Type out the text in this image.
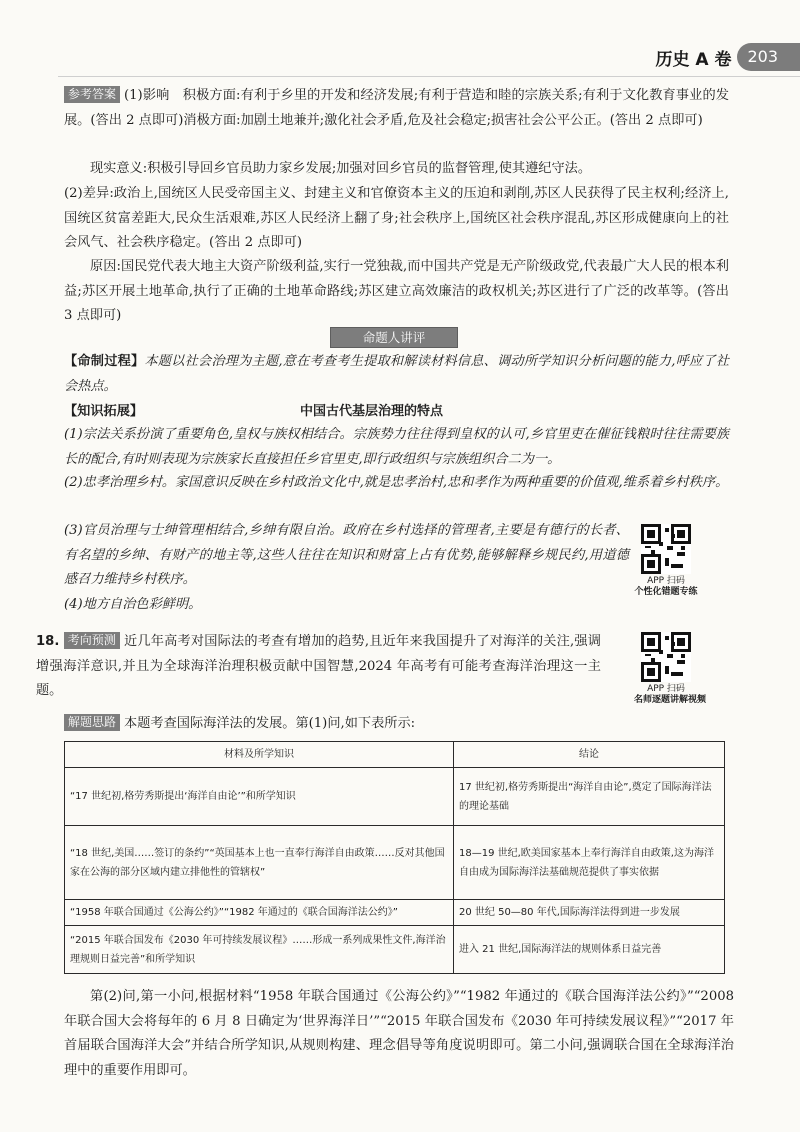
历史 A 卷	203
参考答案 (1)影响　积极方面:有利于乡里的开发和经济发展;有利于营造和睦的宗族关系;有利于文化教育事业的发展。(答出 2 点即可)消极方面:加剧土地兼并;激化社会矛盾,危及社会稳定;损害社会公平公正。(答出 2 点即可)
现实意义:积极引导回乡官员助力家乡发展;加强对回乡官员的监督管理,使其遵纪守法。
(2)差异:政治上,国统区人民受帝国主义、封建主义和官僚资本主义的压迫和剥削,苏区人民获得了民主权利;经济上,国统区贫富差距大,民众生活艰难,苏区人民经济上翻了身;社会秩序上,国统区社会秩序混乱,苏区形成健康向上的社会风气、社会秩序稳定。(答出 2 点即可)
原因:国民党代表大地主大资产阶级利益,实行一党独裁,而中国共产党是无产阶级政党,代表最广大人民的根本利益;苏区开展土地革命,执行了正确的土地革命路线;苏区建立高效廉洁的政权机关;苏区进行了广泛的改革等。(答出 3 点即可)
命题人讲评
【命制过程】本题以社会治理为主题,意在考查考生提取和解读材料信息、调动所学知识分析问题的能力,呼应了社会热点。
【知识拓展】	中国古代基层治理的特点
(1)宗法关系扮演了重要角色,皇权与族权相结合。宗族势力往往得到皇权的认可,乡官里吏在催征钱粮时往往需要族长的配合,有时则表现为宗族家长直接担任乡官里吏,即行政组织与宗族组织合二为一。
(2)忠孝治理乡村。家国意识反映在乡村政治文化中,就是忠孝治村,忠和孝作为两种重要的价值观,维系着乡村秩序。
(3)官员治理与士绅管理相结合,乡绅有限自治。政府在乡村选择的管理者,主要是有德行的长者、有名望的乡绅、有财产的地主等,这些人往往在知识和财富上占有优势,能够解释乡规民约,用道德感召力维持乡村秩序。
(4)地方自治色彩鲜明。
APP 扫码
个性化错题专练
18. 考向预测 近几年高考对国际法的考查有增加的趋势,且近年来我国提升了对海洋的关注,强调增强海洋意识,并且为全球海洋治理积极贡献中国智慧,2024 年高考有可能考查海洋治理这一主题。	APP 扫码
名师逐题讲解视频
解题思路 本题考查国际海洋法的发展。第(1)问,如下表所示:
材料及所学知识	结论
“17 世纪初,格劳秀斯提出‘海洋自由论’”和所学知识	17 世纪初,格劳秀斯提出“海洋自由论”,奠定了国际海洋法的理论基础
“18 世纪,美国……签订的条约”“英国基本上也一直奉行海洋自由政策……反对其他国家在公海的部分区域内建立排他性的管辖权”	18—19 世纪,欧美国家基本上奉行海洋自由政策,这为海洋自由成为国际海洋法基础规范提供了事实依据
“1958 年联合国通过《公海公约》”“1982 年通过的《联合国海洋法公约》”	20 世纪 50—80 年代,国际海洋法得到进一步发展
“2015 年联合国发布《2030 年可持续发展议程》……形成一系列成果性文件,海洋治理规则日益完善”和所学知识	进入 21 世纪,国际海洋法的规则体系日益完善
第(2)问,第一小问,根据材料“1958 年联合国通过《公海公约》”“1982 年通过的《联合国海洋法公约》”“2008 年联合国大会将每年的 6 月 8 日确定为‘世界海洋日’”“2015 年联合国发布《2030 年可持续发展议程》”“2017 年首届联合国海洋大会”并结合所学知识,从规则构建、理念倡导等角度说明即可。第二小问,强调联合国在全球海洋治理中的重要作用即可。
